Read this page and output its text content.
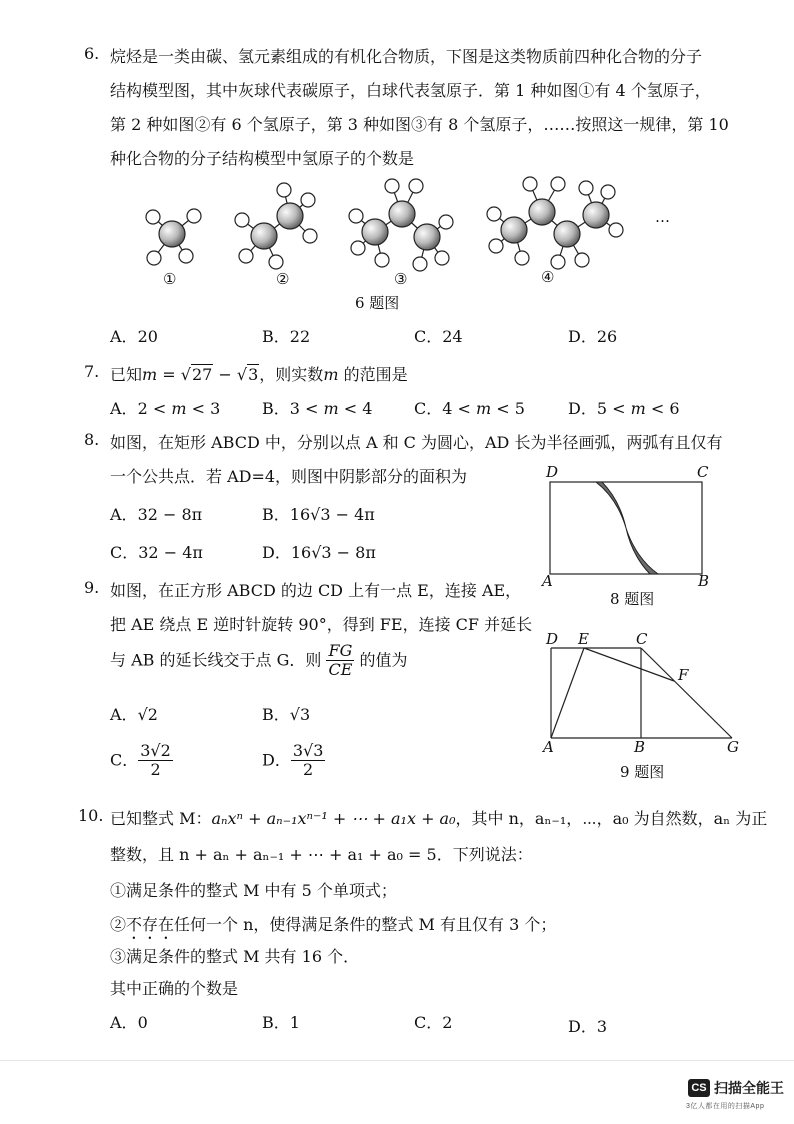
6. 烷烃是一类由碳、氢元素组成的有机化合物质，下图是这类物质前四种化合物的分子
结构模型图，其中灰球代表碳原子，白球代表氢原子．第 1 种如图①有 4 个氢原子，
第 2 种如图②有 6 个氢原子，第 3 种如图③有 8 个氢原子，……按照这一规律，第 10
种化合物的分子结构模型中氢原子的个数是
①	②	③	④
…
6 题图
A．20	B．22	C．24	D．26
7. 已知m = √27 − √3，则实数m 的范围是
A．2 < m < 3	B．3 < m < 4	C．4 < m < 5	D．5 < m < 6
8. 如图，在矩形 ABCD 中，分别以点 A 和 C 为圆心，AD 长为半径画弧，两弧有且仅有
一个公共点．若 AD=4，则图中阴影部分的面积为
A．32 − 8π	B．16√3 − 4π
C．32 − 4π	D．16√3 − 8π
D	C
A	B
8 题图
9. 如图，在正方形 ABCD 的边 CD 上有一点 E，连接 AE，
把 AE 绕点 E 逆时针旋转 90°，得到 FE，连接 CF 并延长
与 AB 的延长线交于点 G．则 $\frac{FG}{CE}$ 的值为
A．√2	B．√3
C． $\frac{3√2}{2}$	D． $\frac{3√3}{2}$
D E	C
F
A	B	G
9 题图
10. 已知整式 M：aₙxⁿ + aₙ₋₁xⁿ⁻¹ + ⋯ + a₁x + a₀，其中 n，aₙ₋₁，⋯，a₀ 为自然数，aₙ 为正
整数，且 n + aₙ + aₙ₋₁ + ⋯ + a₁ + a₀ = 5．下列说法：
①满足条件的整式 M 中有 5 个单项式；
②不存在任何一个 n，使得满足条件的整式 M 有且仅有 3 个；
③满足条件的整式 M 共有 16 个．
其中正确的个数是
A．0	B．1	C．2	D．3
CS 扫描全能王
3亿人都在用的扫描App
